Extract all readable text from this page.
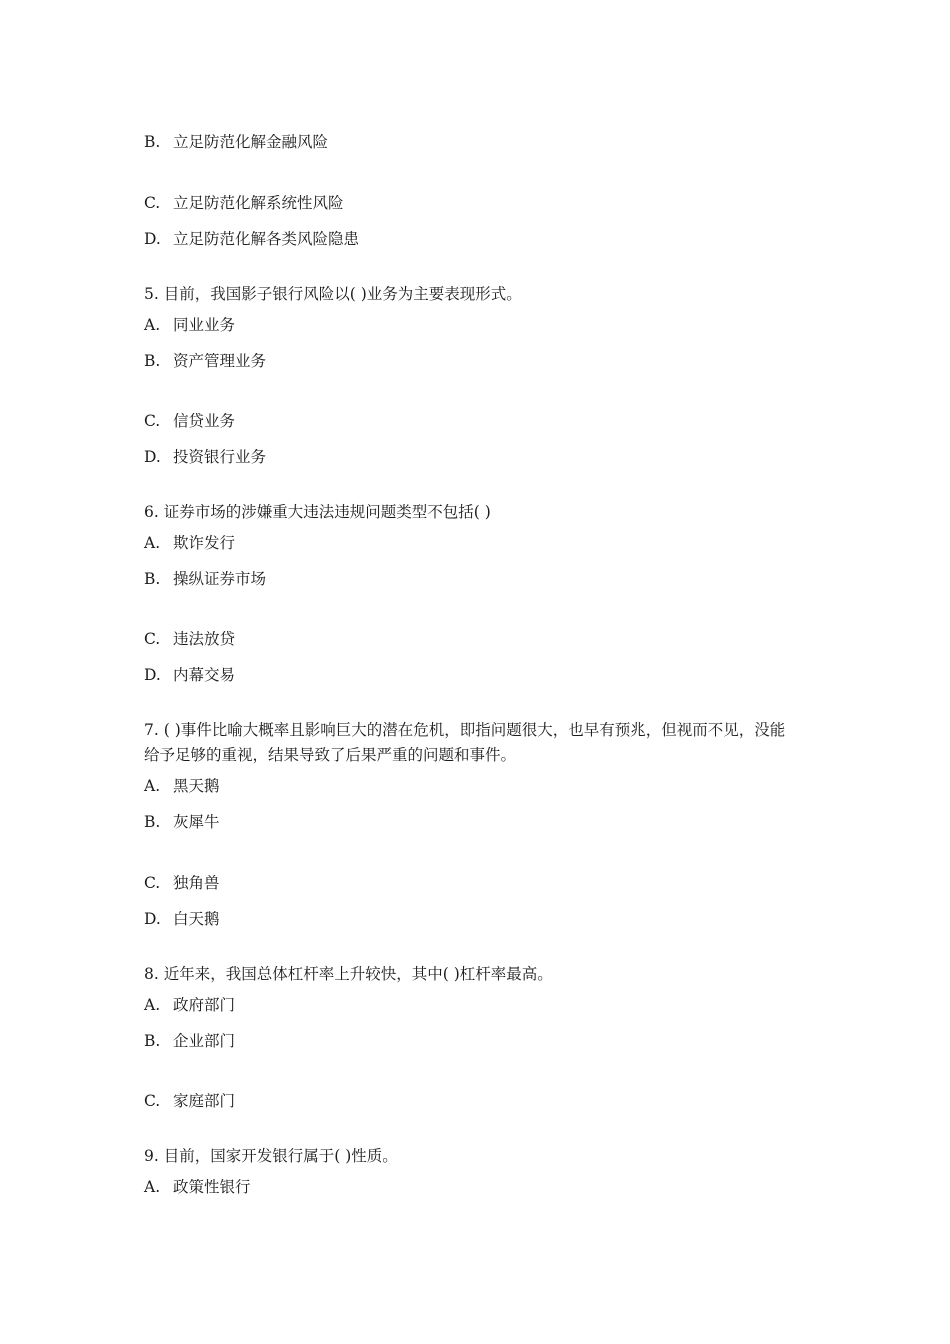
B. 立足防范化解金融风险
C. 立足防范化解系统性风险
D. 立足防范化解各类风险隐患
5. 目前，我国影子银行风险以( )业务为主要表现形式。
A. 同业业务
B. 资产管理业务
C. 信贷业务
D. 投资银行业务
6. 证券市场的涉嫌重大违法违规问题类型不包括( )
A. 欺诈发行
B. 操纵证券市场
C. 违法放贷
D. 内幕交易
7. ( )事件比喻大概率且影响巨大的潜在危机，即指问题很大，也早有预兆，但视而不见，没能
给予足够的重视，结果导致了后果严重的问题和事件。
A. 黑天鹅
B. 灰犀牛
C. 独角兽
D. 白天鹅
8. 近年来，我国总体杠杆率上升较快，其中( )杠杆率最高。
A. 政府部门
B. 企业部门
C. 家庭部门
9. 目前，国家开发银行属于( )性质。
A. 政策性银行
